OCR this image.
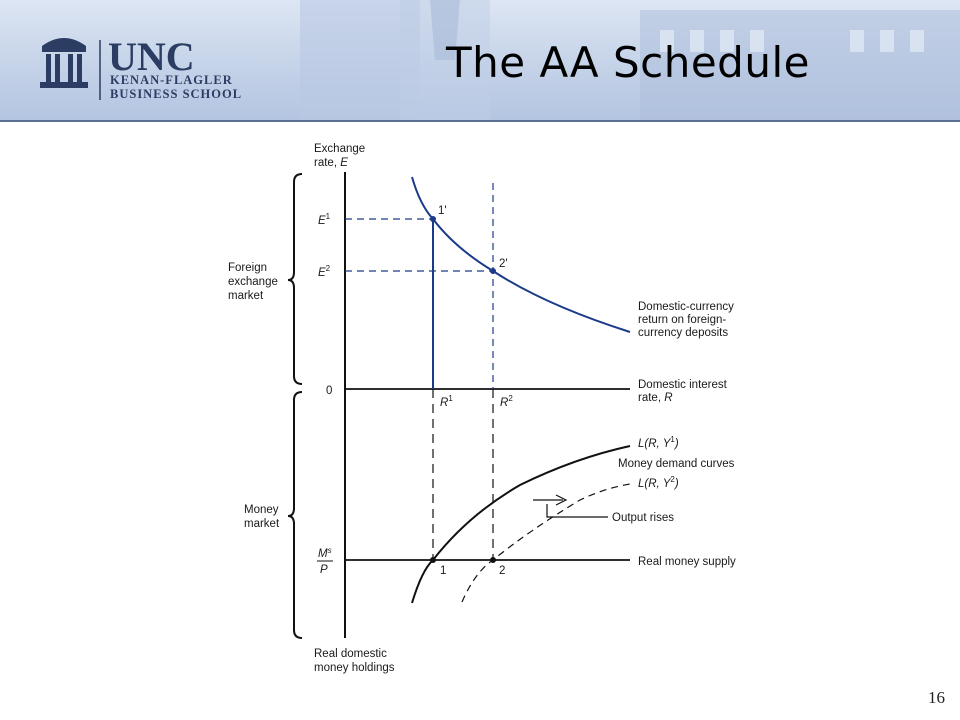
UNC
KENAN-FLAGLER
BUSINESS SCHOOL
The AA Schedule
Exchange
rate, E
Foreign
exchange
market
Money
market
Real domestic
money holdings
$E^1$
$E^2$
0
$M^s$
P
1'
2'
1	2
$R^1$	$R^2$
Domestic-currency
return on foreign-
currency deposits
Domestic interest
rate, R
L(R, $Y^1$)
Money demand curves
L(R, $Y^2$)
Output rises
Real money supply
16
